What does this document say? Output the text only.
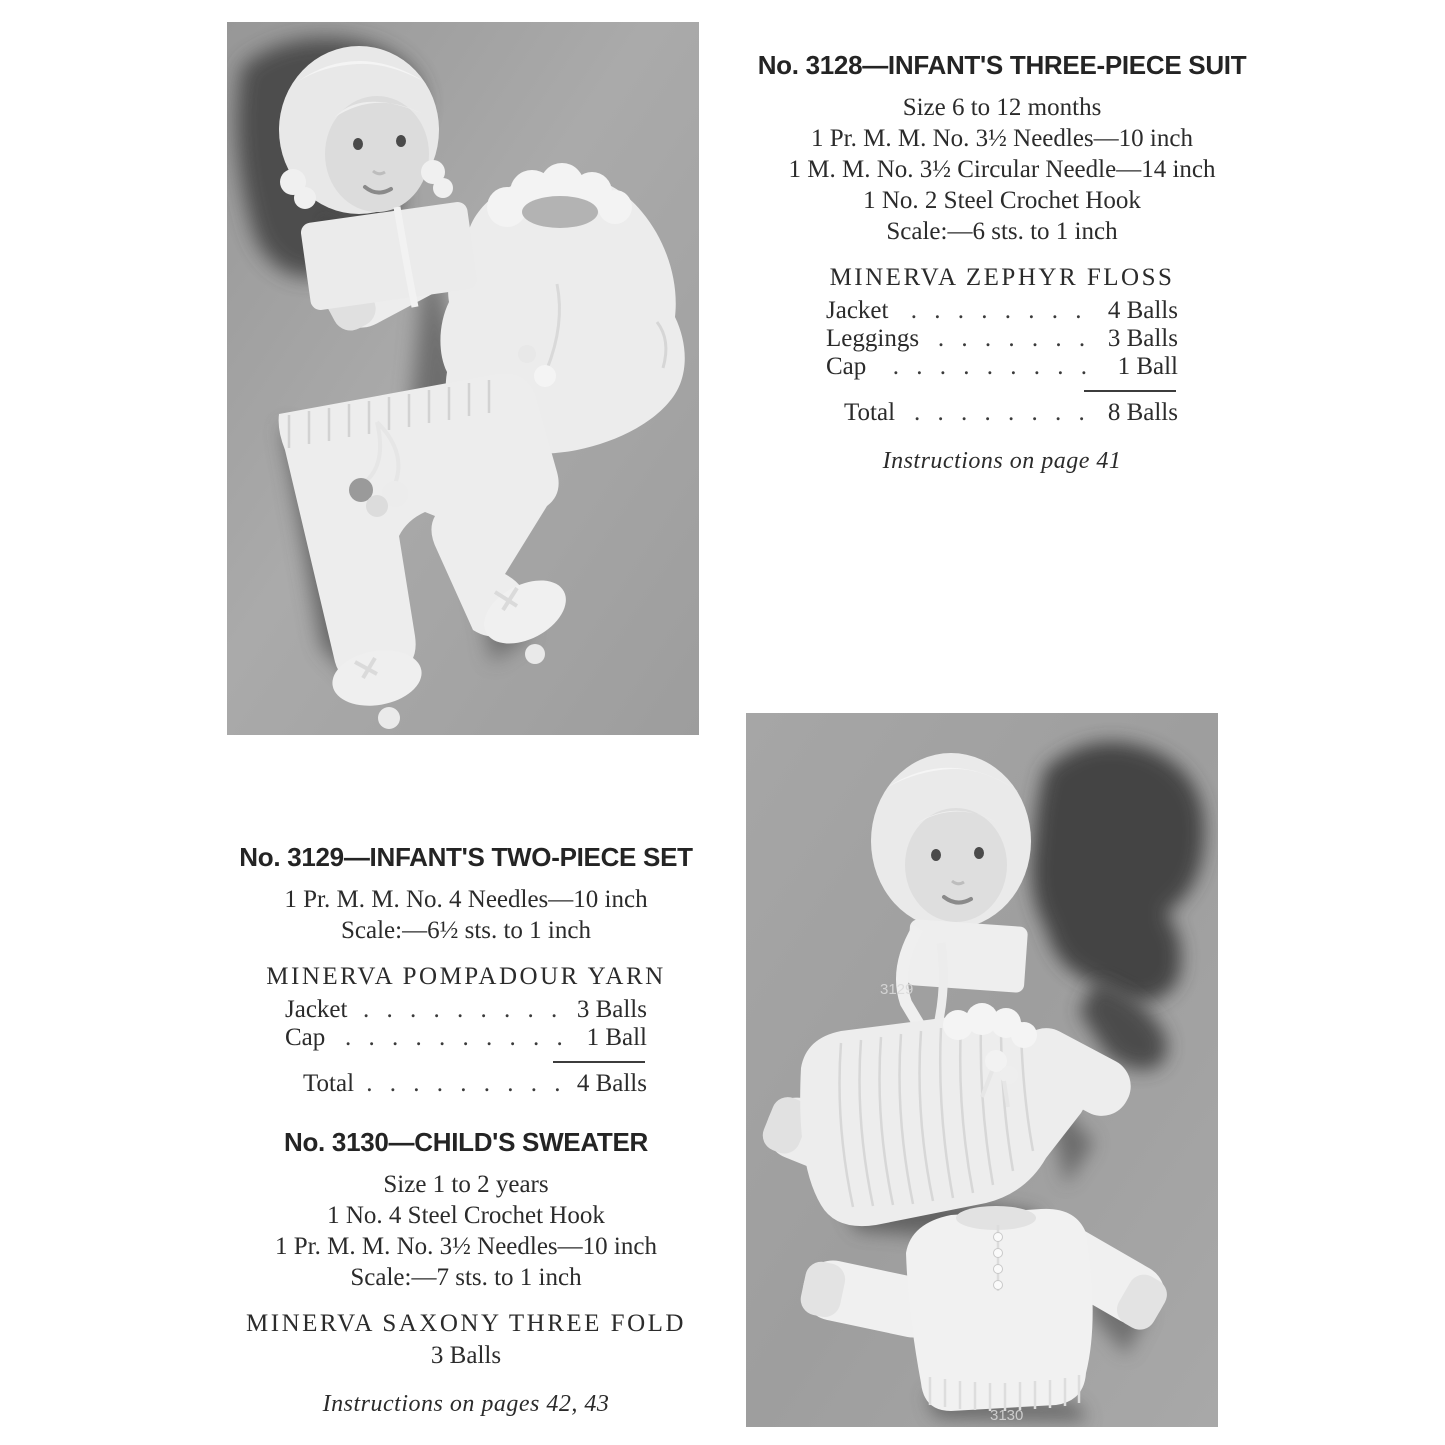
No. 3128—INFANT'S THREE-PIECE SUIT
Size 6 to 12 months
1 Pr. M. M. No. 3½ Needles—10 inch
1 M. M. No. 3½ Circular Needle—14 inch
1 No. 2 Steel Crochet Hook
Scale:—6 sts. to 1 inch
MINERVA ZEPHYR FLOSS
Jacket . . . . . . . . 4 Balls
Leggings . . . . . . . 3 Balls
Cap	. . . . . . . . .	1 Ball
Total . . . . . . . . 8 Balls
Instructions on page 41
No. 3129—INFANT'S TWO-PIECE SET
1 Pr. M. M. No. 4 Needles—10 inch
Scale:—6½ sts. to 1 inch
MINERVA POMPADOUR YARN
Jacket . . . . . . . . . 3 Balls
Cap . . . . . . . . . . 1 Ball
Total . . . . . . . . . 4 Balls
No. 3130—CHILD'S SWEATER
Size 1 to 2 years
1 No. 4 Steel Crochet Hook
1 Pr. M. M. No. 3½ Needles—10 inch
Scale:—7 sts. to 1 inch
MINERVA SAXONY THREE FOLD
3 Balls
Instructions on pages 42, 43
3129
3130
